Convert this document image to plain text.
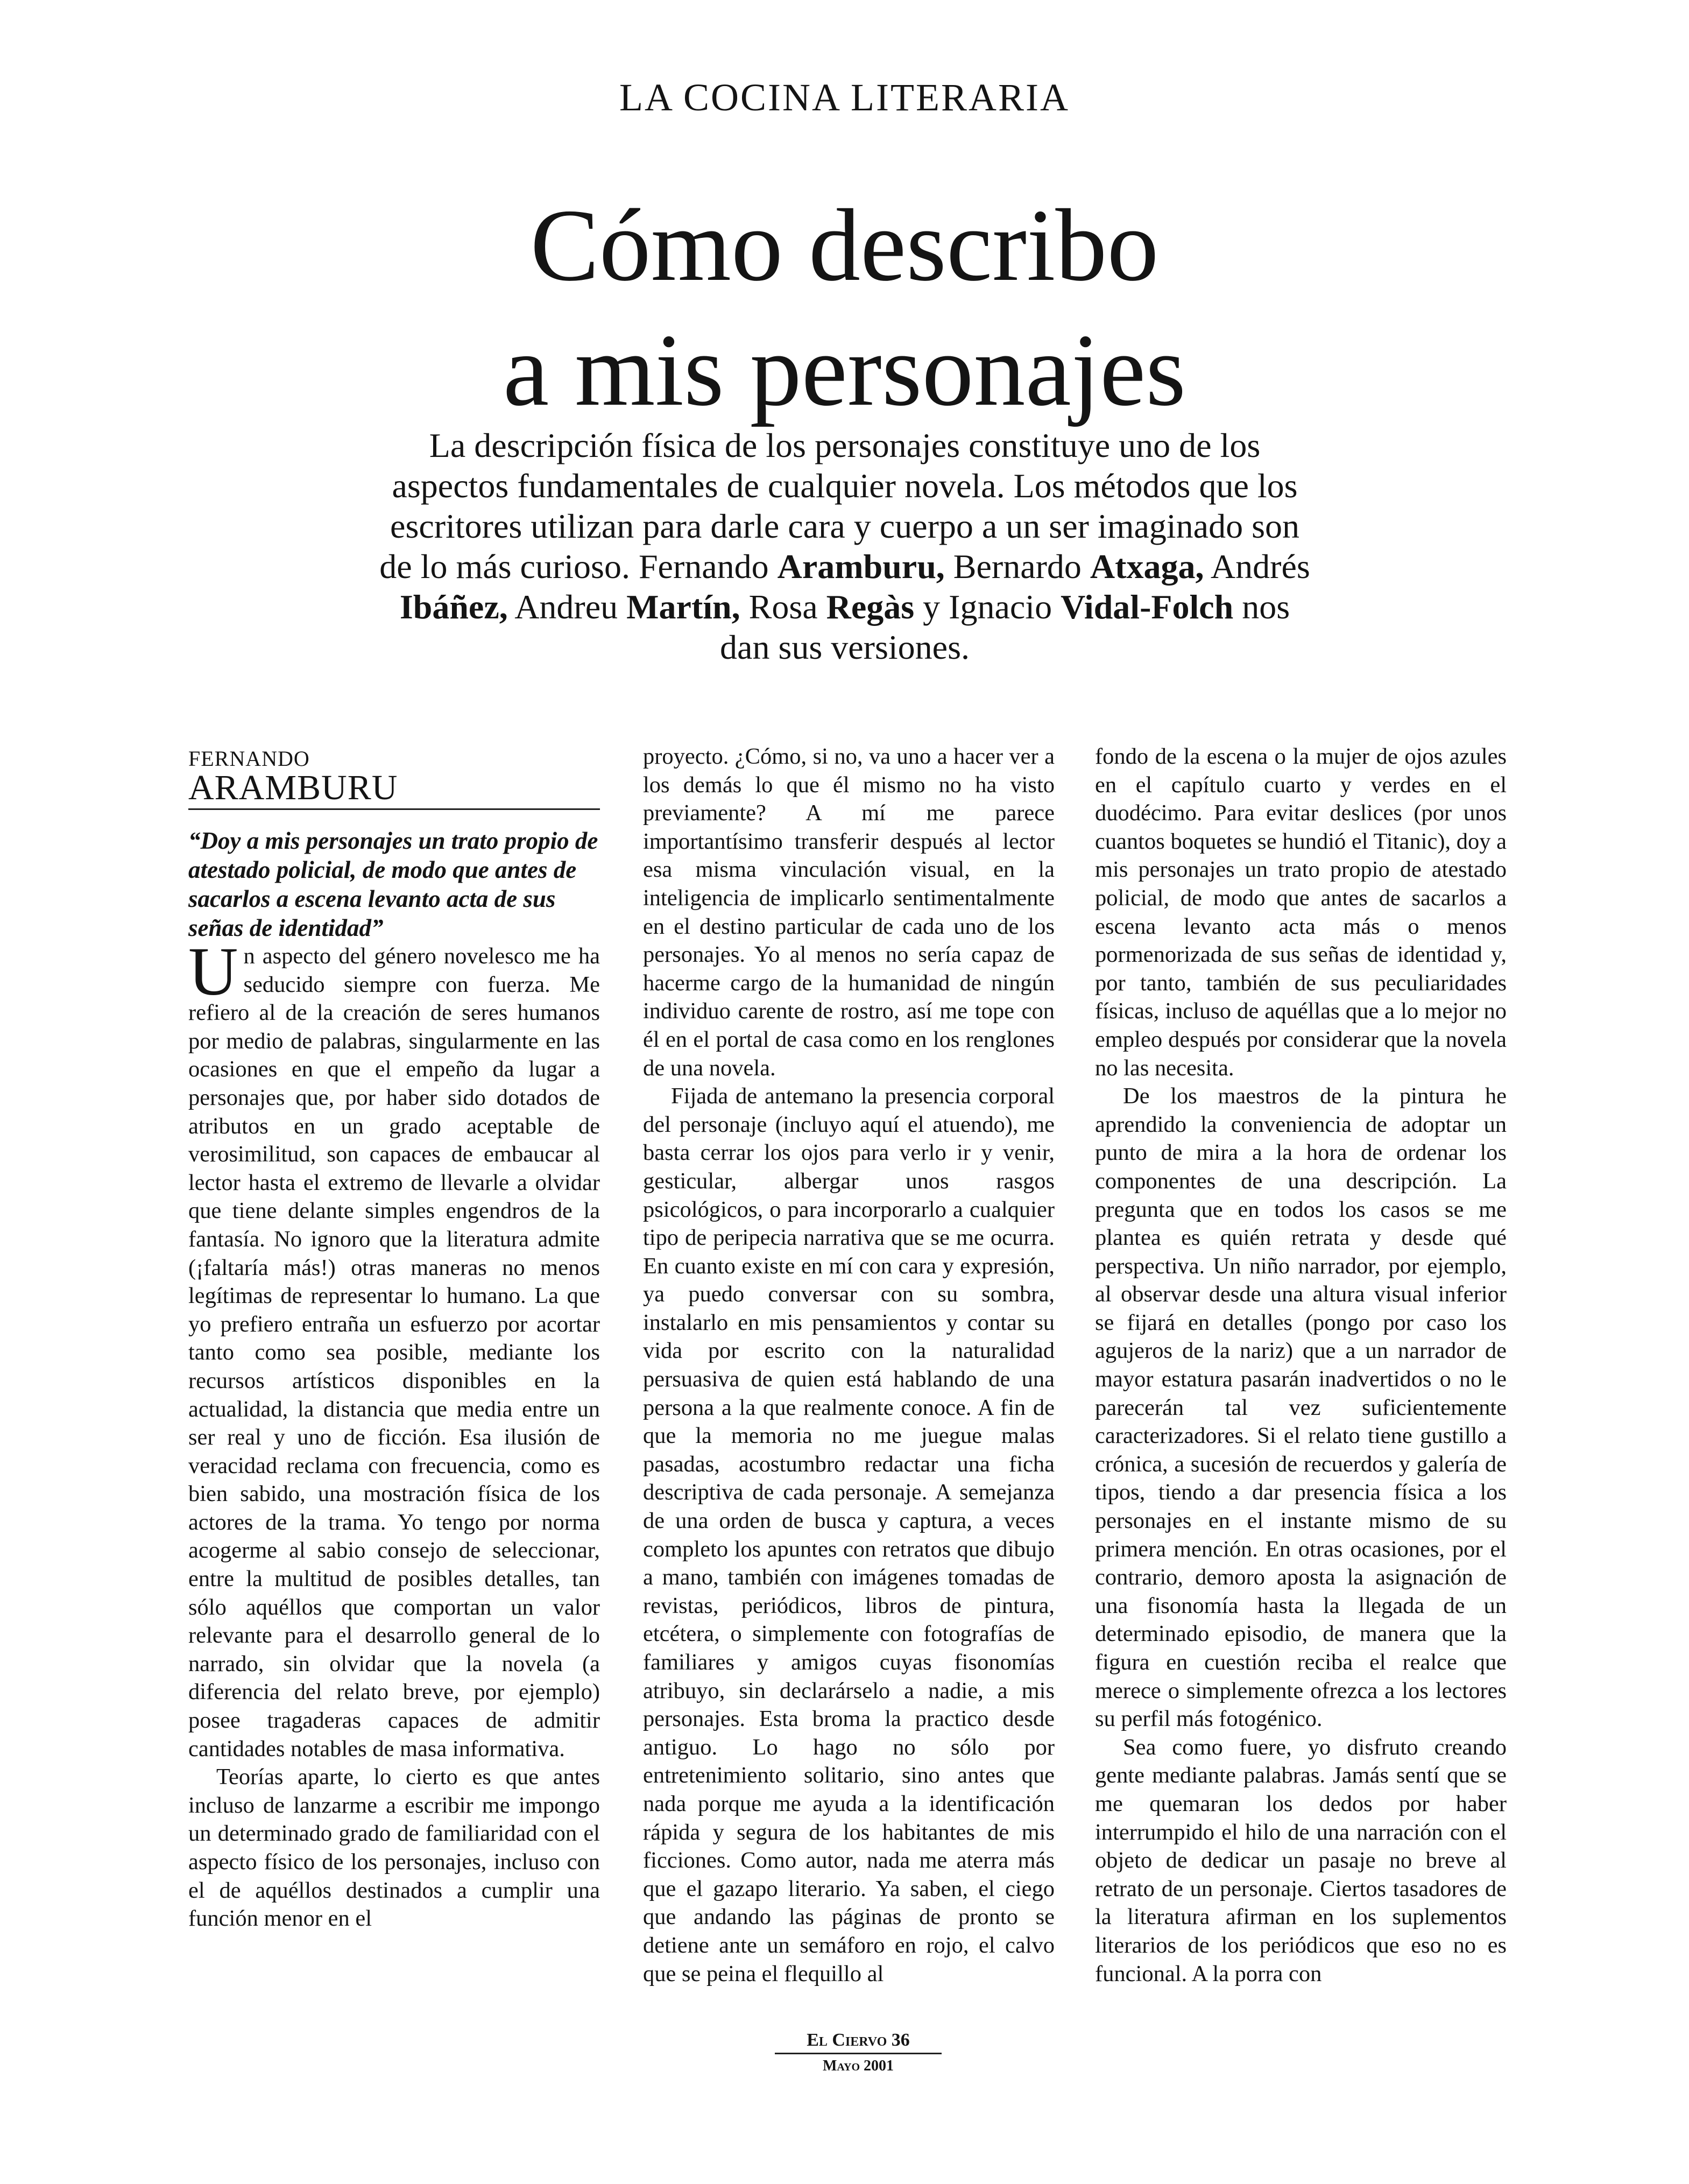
LA COCINA LITERARIA
Cómo describo
a mis personajes

La descripción física de los personajes constituye uno de los aspectos fundamentales de cualquier novela. Los métodos que los escritores utilizan para darle cara y cuerpo a un ser imaginado son de lo más curioso. Fernando Aramburu, Bernardo Atxaga, Andrés Ibáñez, Andreu Martín, Rosa Regàs y Ignacio Vidal-Folch nos dan sus versiones.

FERNANDO

ARAMBURU

“Doy a mis personajes un trato propio de atestado policial, de modo que antes de sacarlos a escena levanto acta de sus señas de identidad”

Un aspecto del género novelesco me ha seducido siempre con fuerza. Me refiero al de la creación de seres humanos por medio de palabras, singularmente en las ocasiones en que el empeño da lugar a personajes que, por haber sido dotados de atributos en un grado aceptable de verosimilitud, son capaces de embaucar al lector hasta el extremo de llevarle a olvidar que tiene delante simples engendros de la fantasía. No ignoro que la literatura admite (¡faltaría más!) otras maneras no menos legítimas de representar lo humano. La que yo prefiero entraña un esfuerzo por acortar tanto como sea posible, mediante los recursos artísticos disponibles en la actualidad, la distancia que media entre un ser real y uno de ficción. Esa ilusión de veracidad reclama con frecuencia, como es bien sabido, una mostración física de los actores de la trama. Yo tengo por norma acogerme al sabio consejo de seleccionar, entre la multitud de posibles detalles, tan sólo aquéllos que comportan un valor relevante para el desarrollo general de lo narrado, sin olvidar que la novela (a diferencia del relato breve, por ejemplo) posee tragaderas capaces de admitir cantidades notables de masa informativa.

Teorías aparte, lo cierto es que antes incluso de lanzarme a escribir me impongo un determinado grado de familiaridad con el aspecto físico de los personajes, incluso con el de aquéllos destinados a cumplir una función menor en el

proyecto. ¿Cómo, si no, va uno a hacer ver a los demás lo que él mismo no ha visto previamente? A mí me parece importantísimo transferir después al lector esa misma vinculación visual, en la inteligencia de implicarlo sentimentalmente en el destino particular de cada uno de los personajes. Yo al menos no sería capaz de hacerme cargo de la humanidad de ningún individuo carente de rostro, así me tope con él en el portal de casa como en los renglones de una novela.

Fijada de antemano la presencia corporal del personaje (incluyo aquí el atuendo), me basta cerrar los ojos para verlo ir y venir, gesticular, albergar unos rasgos psicológicos, o para incorporarlo a cualquier tipo de peripecia narrativa que se me ocurra. En cuanto existe en mí con cara y expresión, ya puedo conversar con su sombra, instalarlo en mis pensamientos y contar su vida por escrito con la naturalidad persuasiva de quien está hablando de una persona a la que realmente conoce. A fin de que la memoria no me juegue malas pasadas, acostumbro redactar una ficha descriptiva de cada personaje. A semejanza de una orden de busca y captura, a veces completo los apuntes con retratos que dibujo a mano, también con imágenes tomadas de revistas, periódicos, libros de pintura, etcétera, o simplemente con fotografías de familiares y amigos cuyas fisonomías atribuyo, sin declarárselo a nadie, a mis personajes. Esta broma la practico desde antiguo. Lo hago no sólo por entretenimiento solitario, sino antes que nada porque me ayuda a la identificación rápida y segura de los habitantes de mis ficciones. Como autor, nada me aterra más que el gazapo literario. Ya saben, el ciego que andando las páginas de pronto se detiene ante un semáforo en rojo, el calvo que se peina el flequillo al

fondo de la escena o la mujer de ojos azules en el capítulo cuarto y verdes en el duodécimo. Para evitar deslices (por unos cuantos boquetes se hundió el Titanic), doy a mis personajes un trato propio de atestado policial, de modo que antes de sacarlos a escena levanto acta más o menos pormenorizada de sus señas de identidad y, por tanto, también de sus peculiaridades físicas, incluso de aquéllas que a lo mejor no empleo después por considerar que la novela no las necesita.

De los maestros de la pintura he aprendido la conveniencia de adoptar un punto de mira a la hora de ordenar los componentes de una descripción. La pregunta que en todos los casos se me plantea es quién retrata y desde qué perspectiva. Un niño narrador, por ejemplo, al observar desde una altura visual inferior se fijará en detalles (pongo por caso los agujeros de la nariz) que a un narrador de mayor estatura pasarán inadvertidos o no le parecerán tal vez suficientemente caracterizadores. Si el relato tiene gustillo a crónica, a sucesión de recuerdos y galería de tipos, tiendo a dar presencia física a los personajes en el instante mismo de su primera mención. En otras ocasiones, por el contrario, demoro aposta la asignación de una fisonomía hasta la llegada de un determinado episodio, de manera que la figura en cuestión reciba el realce que merece o simplemente ofrezca a los lectores su perfil más fotogénico.

Sea como fuere, yo disfruto creando gente mediante palabras. Jamás sentí que se me quemaran los dedos por haber interrumpido el hilo de una narración con el objeto de dedicar un pasaje no breve al retrato de un personaje. Ciertos tasadores de la literatura afirman en los suplementos literarios de los periódicos que eso no es funcional. A la porra con

El Ciervo 36
Mayo 2001
